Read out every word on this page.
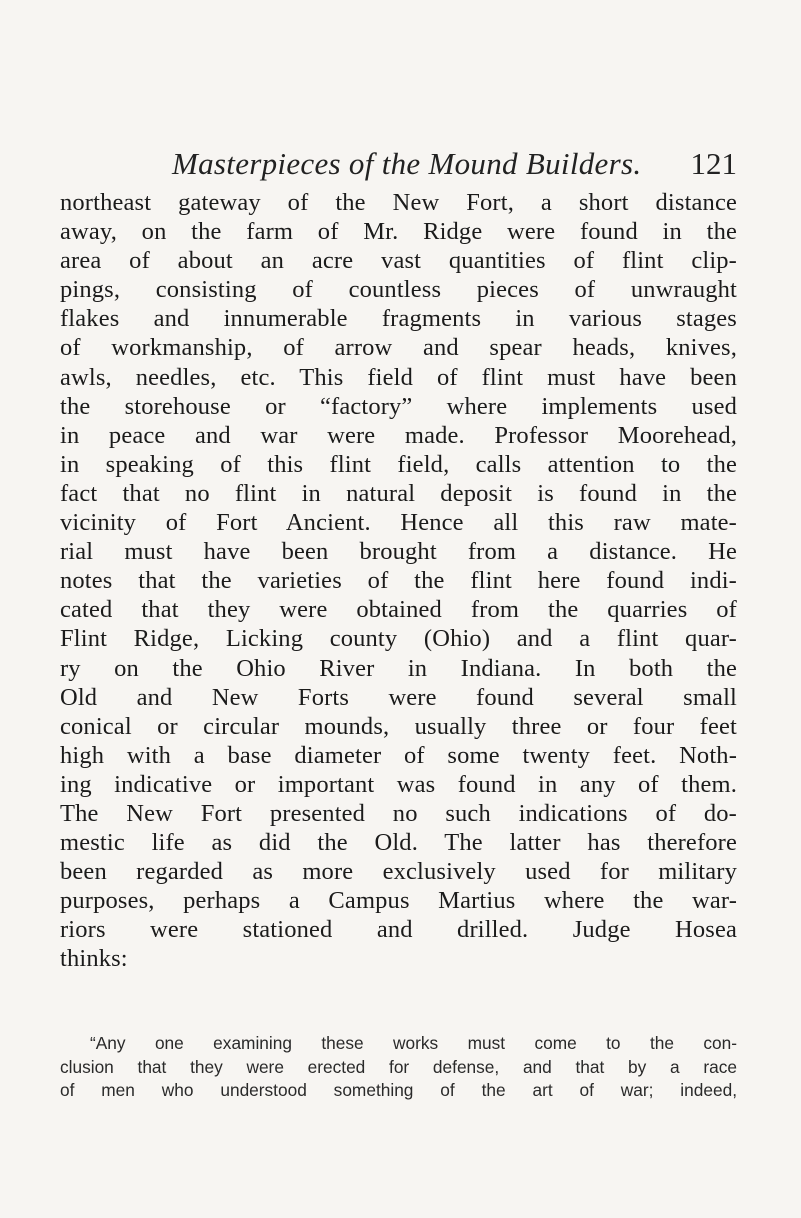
Masterpieces of the Mound Builders. 121
northeast gateway of the New Fort, a short distance
away, on the farm of Mr. Ridge were found in the
area of about an acre vast quantities of flint clip-
pings, consisting of countless pieces of unwraught
flakes and innumerable fragments in various stages
of workmanship, of arrow and spear heads, knives,
awls, needles, etc. This field of flint must have been
the storehouse or “factory” where implements used
in peace and war were made. Professor Moorehead,
in speaking of this flint field, calls attention to the
fact that no flint in natural deposit is found in the
vicinity of Fort Ancient. Hence all this raw mate-
rial must have been brought from a distance. He
notes that the varieties of the flint here found indi-
cated that they were obtained from the quarries of
Flint Ridge, Licking county (Ohio) and a flint quar-
ry on the Ohio River in Indiana. In both the
Old and New Forts were found several small
conical or circular mounds, usually three or four feet
high with a base diameter of some twenty feet. Noth-
ing indicative or important was found in any of them.
The New Fort presented no such indications of do-
mestic life as did the Old. The latter has therefore
been regarded as more exclusively used for military
purposes, perhaps a Campus Martius where the war-
riors were stationed and drilled. Judge Hosea
thinks:
“Any one examining these works must come to the con-
clusion that they were erected for defense, and that by a race
of men who understood something of the art of war; indeed,
